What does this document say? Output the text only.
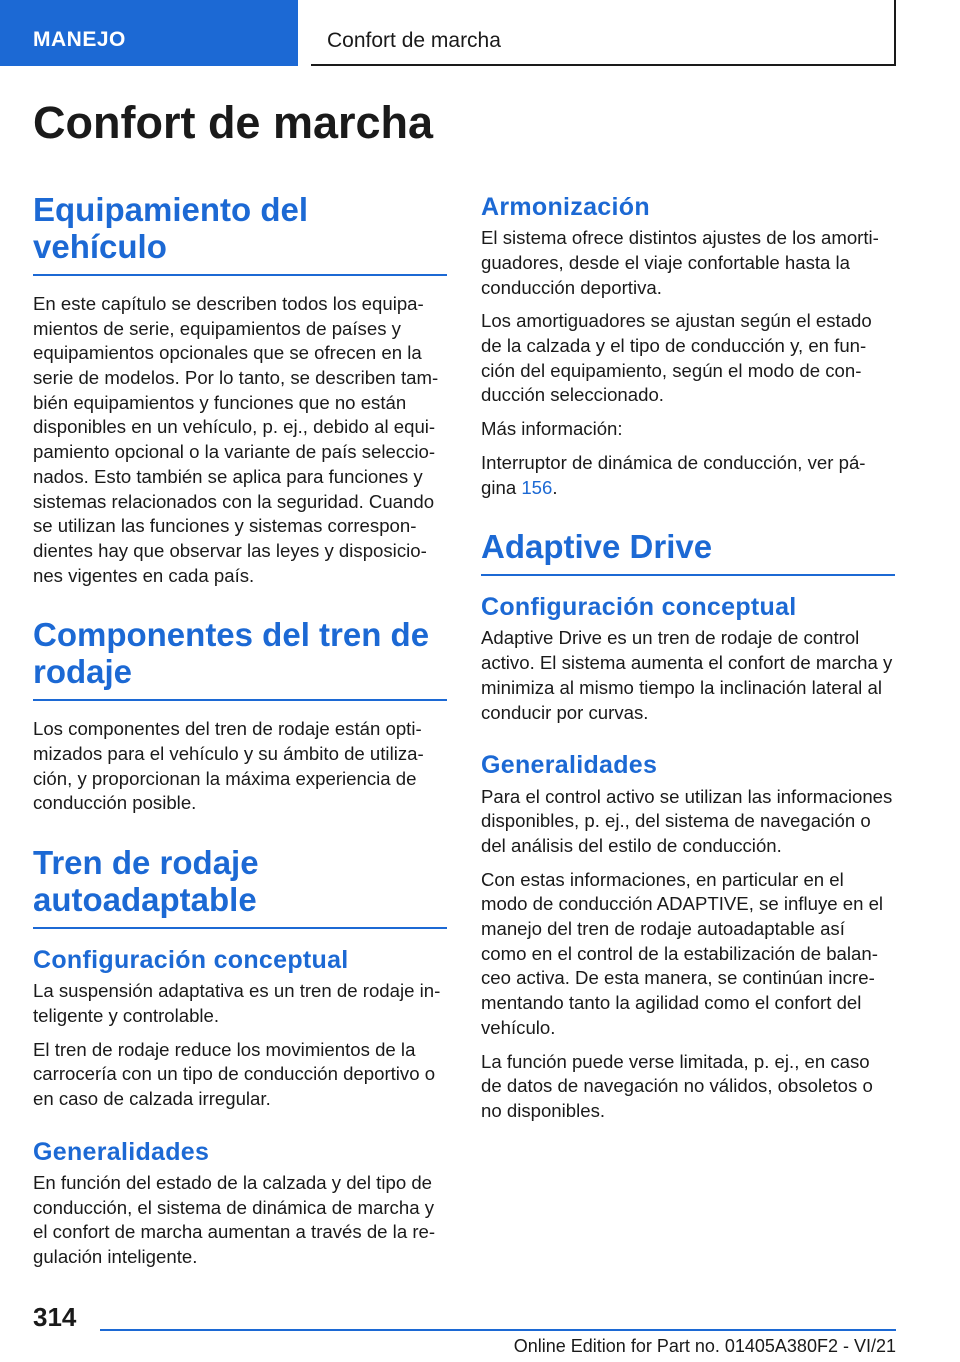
MANEJO	Confort de marcha
Confort de marcha
Equipamiento del vehículo

En este capítulo se describen todos los equipa-mientos de serie, equipamientos de países y equipamientos opcionales que se ofrecen en la serie de modelos. Por lo tanto, se describen tam-bién equipamientos y funciones que no están disponibles en un vehículo, p. ej., debido al equi-pamiento opcional o la variante de país seleccio-nados. Esto también se aplica para funciones y sistemas relacionados con la seguridad. Cuando se utilizan las funciones y sistemas correspon-dientes hay que observar las leyes y disposicio-nes vigentes en cada país.

Componentes del tren de rodaje

Los componentes del tren de rodaje están opti-mizados para el vehículo y su ámbito de utiliza-ción, y proporcionan la máxima experiencia de conducción posible.

Tren de rodaje autoadaptable
Configuración conceptual

La suspensión adaptativa es un tren de rodaje in-teligente y controlable.

El tren de rodaje reduce los movimientos de la carrocería con un tipo de conducción deportivo o en caso de calzada irregular.

Generalidades

En función del estado de la calzada y del tipo de conducción, el sistema de dinámica de marcha y el confort de marcha aumentan a través de la re-gulación inteligente.

Armonización

El sistema ofrece distintos ajustes de los amorti-guadores, desde el viaje confortable hasta la conducción deportiva.

Los amortiguadores se ajustan según el estado de la calzada y el tipo de conducción y, en fun-ción del equipamiento, según el modo de con-ducción seleccionado.

Más información:

Interruptor de dinámica de conducción, ver pá-gina 156.

Adaptive Drive
Configuración conceptual

Adaptive Drive es un tren de rodaje de control activo. El sistema aumenta el confort de marcha y minimiza al mismo tiempo la inclinación lateral al conducir por curvas.

Generalidades

Para el control activo se utilizan las informaciones disponibles, p. ej., del sistema de navegación o del análisis del estilo de conducción.

Con estas informaciones, en particular en el modo de conducción ADAPTIVE, se influye en el manejo del tren de rodaje autoadaptable así como en el control de la estabilización de balan-ceo activa. De esta manera, se continúan incre-mentando tanto la agilidad como el confort del vehículo.

La función puede verse limitada, p. ej., en caso de datos de navegación no válidos, obsoletos o no disponibles.

314
Online Edition for Part no. 01405A380F2 - VI/21
